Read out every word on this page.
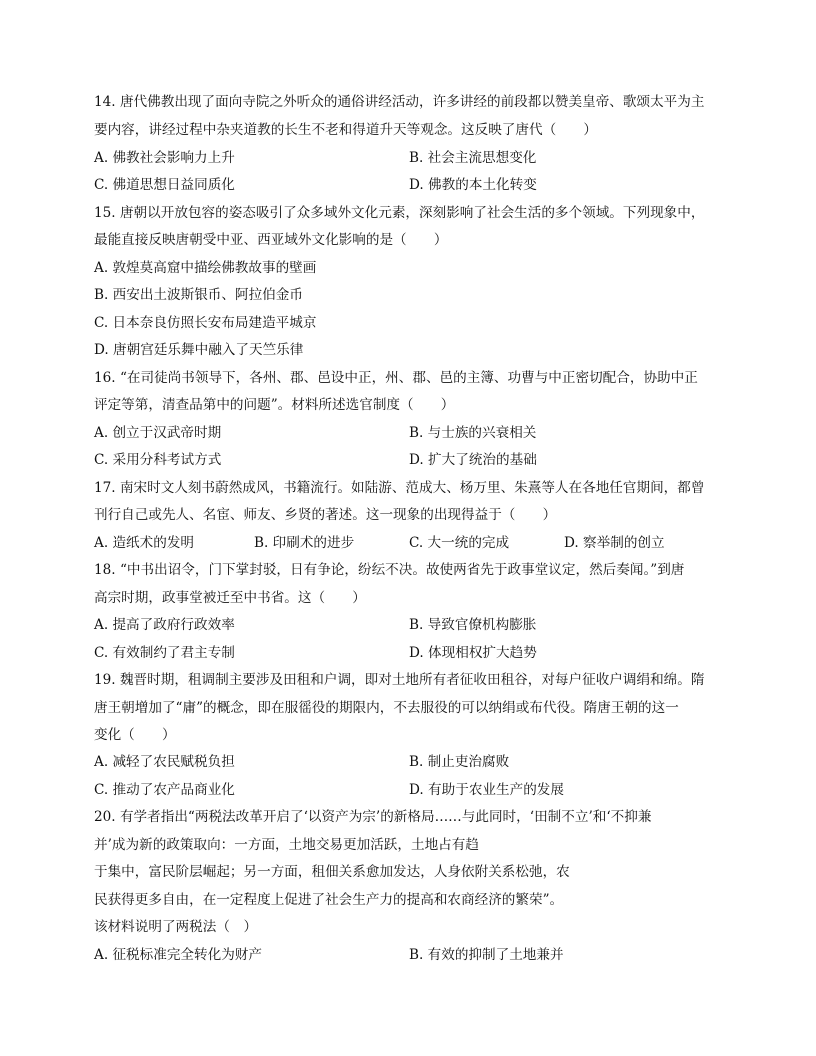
14. 唐代佛教出现了面向寺院之外听众的通俗讲经活动，许多讲经的前段都以赞美皇帝、歌颂太平为主
要内容，讲经过程中杂夹道教的长生不老和得道升天等观念。这反映了唐代（　　）
A. 佛教社会影响力上升	B. 社会主流思想变化
C. 佛道思想日益同质化	D. 佛教的本土化转变
15. 唐朝以开放包容的姿态吸引了众多域外文化元素，深刻影响了社会生活的多个领域。下列现象中，
最能直接反映唐朝受中亚、西亚域外文化影响的是（　　）
A. 敦煌莫高窟中描绘佛教故事的壁画
B. 西安出土波斯银币、阿拉伯金币
C. 日本奈良仿照长安布局建造平城京
D. 唐朝宫廷乐舞中融入了天竺乐律
16. “在司徒尚书领导下，各州、郡、邑设中正，州、郡、邑的主簿、功曹与中正密切配合，协助中正
评定等第，清查品第中的问题”。材料所述选官制度（　　）
A. 创立于汉武帝时期	B. 与士族的兴衰相关
C. 采用分科考试方式	D. 扩大了统治的基础
17. 南宋时文人刻书蔚然成风，书籍流行。如陆游、范成大、杨万里、朱熹等人在各地任官期间，都曾
刊行自己或先人、名宦、师友、乡贤的著述。这一现象的出现得益于（　　）
A. 造纸术的发明	B. 印刷术的进步	C. 大一统的完成	D. 察举制的创立
18. “中书出诏令，门下掌封驳，日有争论，纷纭不决。故使两省先于政事堂议定，然后奏闻。”到唐
高宗时期，政事堂被迁至中书省。这（　　）
A. 提高了政府行政效率	B. 导致官僚机构膨胀
C. 有效制约了君主专制	D. 体现相权扩大趋势
19. 魏晋时期，租调制主要涉及田租和户调，即对土地所有者征收田租谷，对每户征收户调绢和绵。隋
唐王朝增加了“庸”的概念，即在服徭役的期限内，不去服役的可以纳绢或布代役。隋唐王朝的这一
变化（　　）
A. 减轻了农民赋税负担	B. 制止吏治腐败
C. 推动了农产品商业化	D. 有助于农业生产的发展
20. 有学者指出“两税法改革开启了‘以资产为宗’的新格局……与此同时，‘田制不立’和‘不抑兼
并’成为新的政策取向：一方面，土地交易更加活跃，土地占有趋
于集中，富民阶层崛起；另一方面，租佃关系愈加发达，人身依附关系松弛，农
民获得更多自由，在一定程度上促进了社会生产力的提高和农商经济的繁荣”。
该材料说明了两税法（　）
A. 征税标准完全转化为财产	B. 有效的抑制了土地兼并
